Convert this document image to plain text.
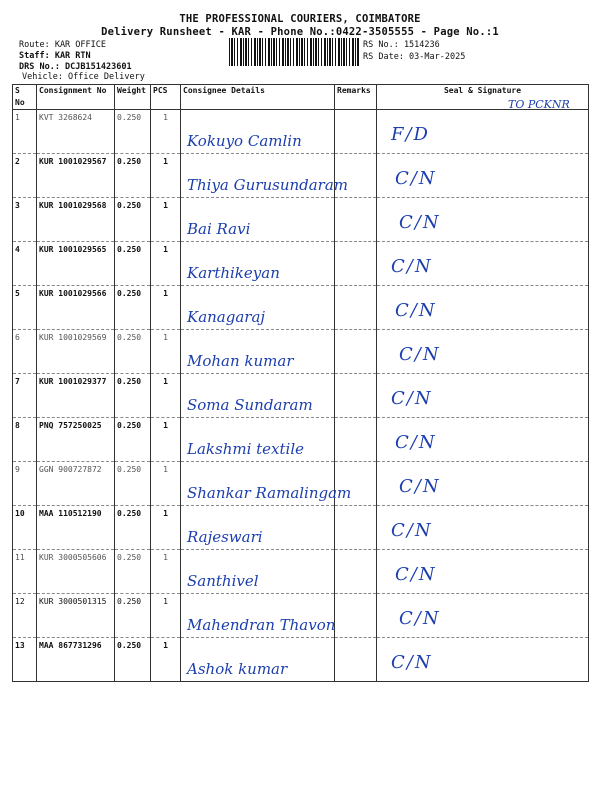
THE PROFESSIONAL COURIERS, COIMBATORE
Delivery Runsheet - KAR - Phone No.:0422-3505555 - Page No.:1
Route: KAR OFFICE
Staff: KAR RTN
DRS No.: DCJB151423601
Vehicle: Office Delivery
RS No.: 1514236
RS Date: 03-Mar-2025
TO PCKNR
S No	Consignment No	Weight	PCS	Consignee Details	Remarks	Seal & Signature
1	KVT 3268624	0.250	1	Kokuyo Camlin		F/D

2	KUR 1001029567	0.250	1	Thiya Gurusundaram		C/N

3	KUR 1001029568	0.250	1	Bai Ravi		C/N

4	KUR 1001029565	0.250	1	Karthikeyan		C/N

5	KUR 1001029566	0.250	1	Kanagaraj		C/N

6	KUR 1001029569	0.250	1	Mohan kumar		C/N

7	KUR 1001029377	0.250	1	Soma Sundaram		C/N

8	PNQ 757250025	0.250	1	Lakshmi textile		C/N

9	GGN 900727872	0.250	1	Shankar Ramalingam		C/N

10	MAA 110512190	0.250	1	Rajeswari		C/N

11	KUR 3000505606	0.250	1	Santhivel		C/N

12	KUR 3000501315	0.250	1	Mahendran Thavon		C/N

13	MAA 867731296	0.250	1	Ashok kumar		C/N
